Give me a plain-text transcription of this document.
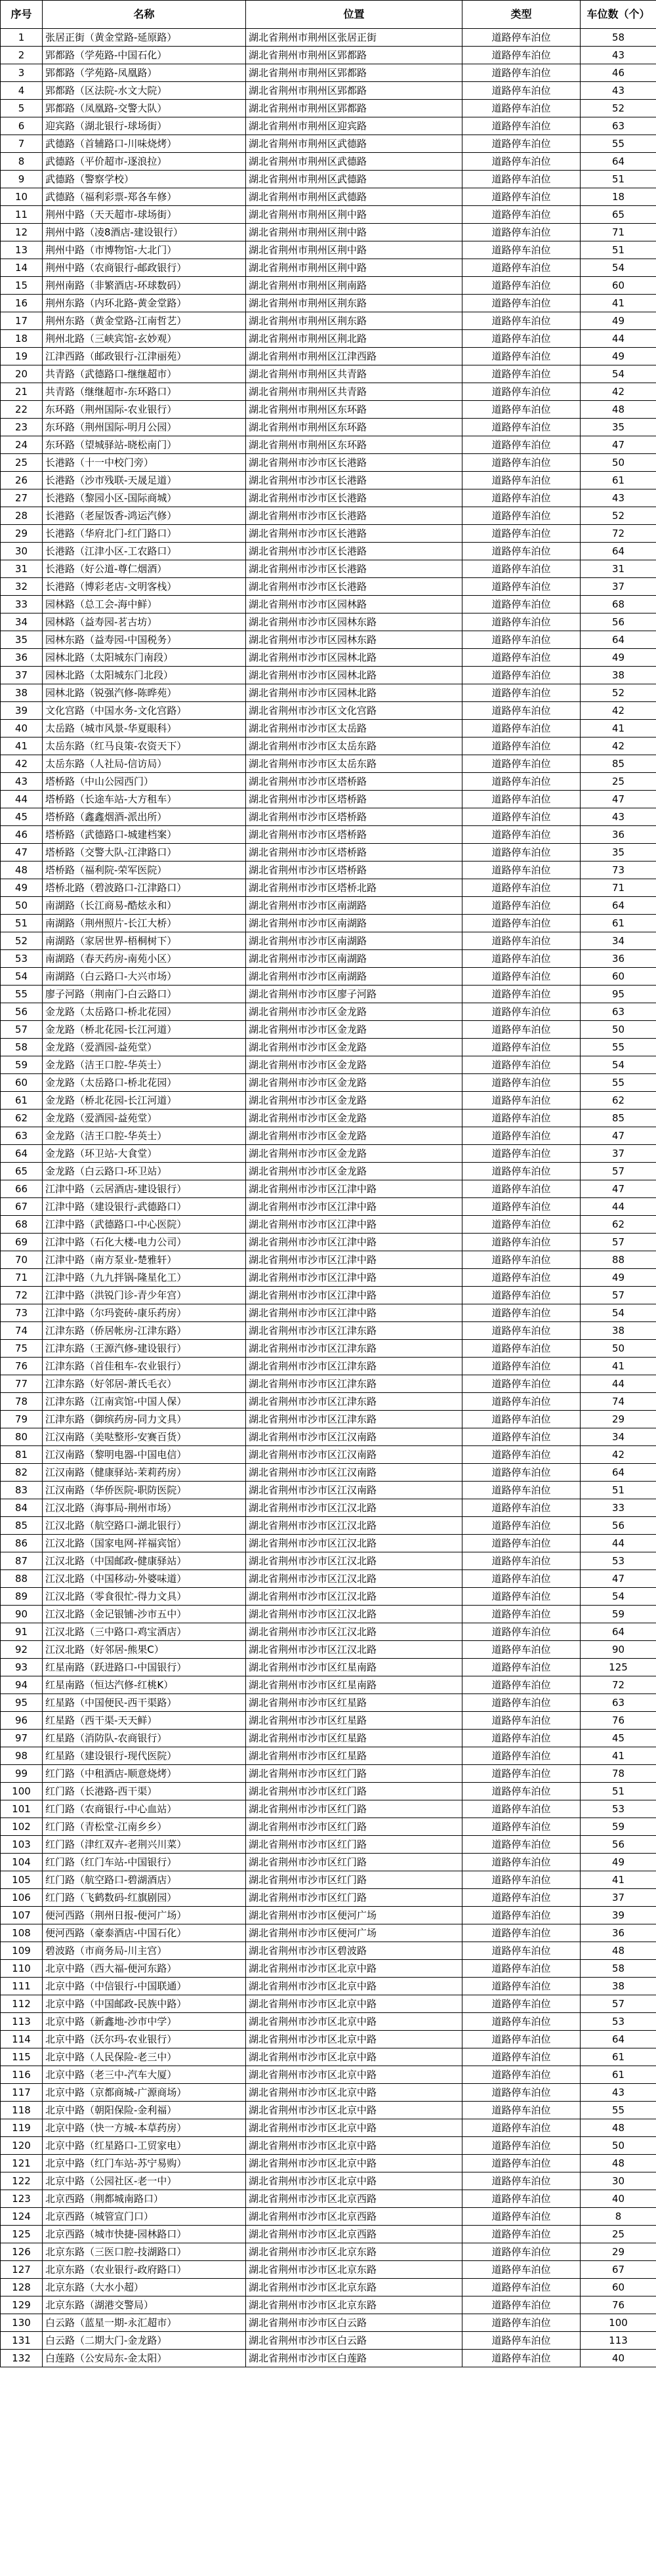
序号	名称	位置	类型	车位数（个）
1	张居正街（黄金堂路-延原路）	湖北省荆州市荆州区张居正街	道路停车泊位	58
2	郢都路（学苑路-中国石化）	湖北省荆州市荆州区郢都路	道路停车泊位	43
3	郢都路（学苑路-凤凰路）	湖北省荆州市荆州区郢都路	道路停车泊位	46
4	郢都路（区法院-水文大院）	湖北省荆州市荆州区郢都路	道路停车泊位	43
5	郢都路（凤凰路-交警大队）	湖北省荆州市荆州区郢都路	道路停车泊位	52
6	迎宾路（湖北银行-球场街）	湖北省荆州市荆州区迎宾路	道路停车泊位	63
7	武德路（首辅路口-川味烧烤）	湖北省荆州市荆州区武德路	道路停车泊位	55
8	武德路（平价超市-逐浪拉）	湖北省荆州市荆州区武德路	道路停车泊位	64
9	武德路（警察学校）	湖北省荆州市荆州区武德路	道路停车泊位	51
10	武德路（福利彩票-郑各车修）	湖北省荆州市荆州区武德路	道路停车泊位	18
11	荆州中路（天天超市-球场街）	湖北省荆州市荆州区荆中路	道路停车泊位	65
12	荆州中路（凌8酒店-建设银行）	湖北省荆州市荆州区荆中路	道路停车泊位	71
13	荆州中路（市博物馆-大北门）	湖北省荆州市荆州区荆中路	道路停车泊位	51
14	荆州中路（农商银行-邮政银行）	湖北省荆州市荆州区荆中路	道路停车泊位	54
15	荆州南路（非繁酒店-环球数码）	湖北省荆州市荆州区荆南路	道路停车泊位	60
16	荆州东路（内环北路-黄金堂路）	湖北省荆州市荆州区荆东路	道路停车泊位	41
17	荆州东路（黄金堂路-江南哲艺）	湖北省荆州市荆州区荆东路	道路停车泊位	49
18	荆州北路（三峡宾馆-玄妙观）	湖北省荆州市荆州区荆北路	道路停车泊位	44
19	江津西路（邮政银行-江津丽苑）	湖北省荆州市荆州区江津西路	道路停车泊位	49
20	共青路（武德路口-继继超市）	湖北省荆州市荆州区共青路	道路停车泊位	54
21	共青路（继继超市-东环路口）	湖北省荆州市荆州区共青路	道路停车泊位	42
22	东环路（荆州国际-农业银行）	湖北省荆州市荆州区东环路	道路停车泊位	48
23	东环路（荆州国际-明月公园）	湖北省荆州市荆州区东环路	道路停车泊位	35
24	东环路（望城驿站-晓松南门）	湖北省荆州市荆州区东环路	道路停车泊位	47
25	长港路（十一中校门旁）	湖北省荆州市沙市区长港路	道路停车泊位	50
26	长港路（沙市残联-天晟足道）	湖北省荆州市沙市区长港路	道路停车泊位	61
27	长港路（黎园小区-国际商城）	湖北省荆州市沙市区长港路	道路停车泊位	43
28	长港路（老屋饭香-鸿运汽修）	湖北省荆州市沙市区长港路	道路停车泊位	52
29	长港路（华府北门-红门路口）	湖北省荆州市沙市区长港路	道路停车泊位	72
30	长港路（江津小区-工农路口）	湖北省荆州市沙市区长港路	道路停车泊位	64
31	长港路（好公道-尊仁烟酒）	湖北省荆州市沙市区长港路	道路停车泊位	31
32	长港路（博彩老店-文明客栈）	湖北省荆州市沙市区长港路	道路停车泊位	37
33	园林路（总工会-海中鲜）	湖北省荆州市沙市区园林路	道路停车泊位	68
34	园林路（益寿园-茗古坊）	湖北省荆州市沙市区园林东路	道路停车泊位	56
35	园林东路（益寿园-中国税务）	湖北省荆州市沙市区园林东路	道路停车泊位	64
36	园林北路（太阳城东门南段）	湖北省荆州市沙市区园林北路	道路停车泊位	49
37	园林北路（太阳城东门北段）	湖北省荆州市沙市区园林北路	道路停车泊位	38
38	园林北路（锐强汽修-陈晔苑）	湖北省荆州市沙市区园林北路	道路停车泊位	52
39	文化宫路（中国水务-文化宫路）	湖北省荆州市沙市区文化宫路	道路停车泊位	42
40	太岳路（城市风景-华夏眼科）	湖北省荆州市沙市区太岳路	道路停车泊位	41
41	太岳东路（红马良策-农资天下）	湖北省荆州市沙市区太岳东路	道路停车泊位	42
42	太岳东路（人社局-信访局）	湖北省荆州市沙市区太岳东路	道路停车泊位	85
43	塔桥路（中山公园西门）	湖北省荆州市沙市区塔桥路	道路停车泊位	25
44	塔桥路（长途车站-大方租车）	湖北省荆州市沙市区塔桥路	道路停车泊位	47
45	塔桥路（鑫鑫烟酒-派出所）	湖北省荆州市沙市区塔桥路	道路停车泊位	43
46	塔桥路（武德路口-城建档案）	湖北省荆州市沙市区塔桥路	道路停车泊位	36
47	塔桥路（交警大队-江津路口）	湖北省荆州市沙市区塔桥路	道路停车泊位	35
48	塔桥路（福利院-荣军医院）	湖北省荆州市沙市区塔桥路	道路停车泊位	73
49	塔桥北路（碧波路口-江津路口）	湖北省荆州市沙市区塔桥北路	道路停车泊位	71
50	南湖路（长江商易-酷炫永和）	湖北省荆州市沙市区南湖路	道路停车泊位	64
51	南湖路（荆州照片-长江大桥）	湖北省荆州市沙市区南湖路	道路停车泊位	61
52	南湖路（家居世界-梧桐树下）	湖北省荆州市沙市区南湖路	道路停车泊位	34
53	南湖路（春天药房-南苑小区）	湖北省荆州市沙市区南湖路	道路停车泊位	36
54	南湖路（白云路口-大兴市场）	湖北省荆州市沙市区南湖路	道路停车泊位	60
55	廖子河路（荆南门-白云路口）	湖北省荆州市沙市区廖子河路	道路停车泊位	95
56	金龙路（太岳路口-桥北花园）	湖北省荆州市沙市区金龙路	道路停车泊位	63
57	金龙路（桥北花园-长江河道）	湖北省荆州市沙市区金龙路	道路停车泊位	50
58	金龙路（爱酒园-益苑堂）	湖北省荆州市沙市区金龙路	道路停车泊位	55
59	金龙路（洁王口腔-华英士）	湖北省荆州市沙市区金龙路	道路停车泊位	54
60	金龙路（太岳路口-桥北花园）	湖北省荆州市沙市区金龙路	道路停车泊位	55
61	金龙路（桥北花园-长江河道）	湖北省荆州市沙市区金龙路	道路停车泊位	62
62	金龙路（爱酒园-益苑堂）	湖北省荆州市沙市区金龙路	道路停车泊位	85
63	金龙路（洁王口腔-华英士）	湖北省荆州市沙市区金龙路	道路停车泊位	47
64	金龙路（环卫站-大食堂）	湖北省荆州市沙市区金龙路	道路停车泊位	37
65	金龙路（白云路口-环卫站）	湖北省荆州市沙市区金龙路	道路停车泊位	57
66	江津中路（云居酒店-建设银行）	湖北省荆州市沙市区江津中路	道路停车泊位	47
67	江津中路（建设银行-武德路口）	湖北省荆州市沙市区江津中路	道路停车泊位	44
68	江津中路（武德路口-中心医院）	湖北省荆州市沙市区江津中路	道路停车泊位	62
69	江津中路（石化大楼-电力公司）	湖北省荆州市沙市区江津中路	道路停车泊位	57
70	江津中路（南方泵业-楚雅轩）	湖北省荆州市沙市区江津中路	道路停车泊位	88
71	江津中路（九九拌锅-隆星化工）	湖北省荆州市沙市区江津中路	道路停车泊位	49
72	江津中路（洪锐门诊-青少年宫）	湖北省荆州市沙市区江津中路	道路停车泊位	57
73	江津中路（尔玛瓷砖-康乐药房）	湖北省荆州市沙市区江津中路	道路停车泊位	54
74	江津东路（侨居帐房-江津东路）	湖北省荆州市沙市区江津东路	道路停车泊位	38
75	江津东路（王源汽修-建设银行）	湖北省荆州市沙市区江津东路	道路停车泊位	50
76	江津东路（首佳租车-农业银行）	湖北省荆州市沙市区江津东路	道路停车泊位	41
77	江津东路（好邻居-萧氏毛衣）	湖北省荆州市沙市区江津东路	道路停车泊位	44
78	江津东路（江南宾馆-中国人保）	湖北省荆州市沙市区江津东路	道路停车泊位	74
79	江津东路（御缤药房-同力文具）	湖北省荆州市沙市区江津东路	道路停车泊位	29
80	江汉南路（美哒整形-安赛百货）	湖北省荆州市沙市区江汉南路	道路停车泊位	34
81	江汉南路（黎明电器-中国电信）	湖北省荆州市沙市区江汉南路	道路停车泊位	42
82	江汉南路（健康驿站-茉莉药房）	湖北省荆州市沙市区江汉南路	道路停车泊位	64
83	江汉南路（华侨医院-职防医院）	湖北省荆州市沙市区江汉南路	道路停车泊位	51
84	江汉北路（海事局-荆州市场）	湖北省荆州市沙市区江汉北路	道路停车泊位	33
85	江汉北路（航空路口-湖北银行）	湖北省荆州市沙市区江汉北路	道路停车泊位	56
86	江汉北路（国家电网-祥福宾馆）	湖北省荆州市沙市区江汉北路	道路停车泊位	44
87	江汉北路（中国邮政-健康驿站）	湖北省荆州市沙市区江汉北路	道路停车泊位	53
88	江汉北路（中国移动-外婆味道）	湖北省荆州市沙市区江汉北路	道路停车泊位	47
89	江汉北路（零食很忙-得力文具）	湖北省荆州市沙市区江汉北路	道路停车泊位	54
90	江汉北路（金记银铺-沙市五中）	湖北省荆州市沙市区江汉北路	道路停车泊位	59
91	江汉北路（三中路口-鸡宝酒店）	湖北省荆州市沙市区江汉北路	道路停车泊位	64
92	江汉北路（好邻居-熊果C）	湖北省荆州市沙市区江汉北路	道路停车泊位	90
93	红星南路（跃进路口-中国银行）	湖北省荆州市沙市区红星南路	道路停车泊位	125
94	红星南路（恒达汽修-红桃K）	湖北省荆州市沙市区红星南路	道路停车泊位	72
95	红星路（中国便民-西干渠路）	湖北省荆州市沙市区红星路	道路停车泊位	63
96	红星路（西干渠-天天鲜）	湖北省荆州市沙市区红星路	道路停车泊位	76
97	红星路（消防队-农商银行）	湖北省荆州市沙市区红星路	道路停车泊位	45
98	红星路（建设银行-现代医院）	湖北省荆州市沙市区红星路	道路停车泊位	41
99	红门路（中租酒店-顺意烧烤）	湖北省荆州市沙市区红门路	道路停车泊位	78
100	红门路（长港路-西干渠）	湖北省荆州市沙市区红门路	道路停车泊位	51
101	红门路（农商银行-中心血站）	湖北省荆州市沙市区红门路	道路停车泊位	53
102	红门路（青松堂-江南乡乡）	湖北省荆州市沙市区红门路	道路停车泊位	59
103	红门路（津红双卉-老荆兴川菜）	湖北省荆州市沙市区红门路	道路停车泊位	56
104	红门路（红门车站-中国银行）	湖北省荆州市沙市区红门路	道路停车泊位	49
105	红门路（航空路口-碧湖酒店）	湖北省荆州市沙市区红门路	道路停车泊位	41
106	红门路（飞鹤数码-红旗剧园）	湖北省荆州市沙市区红门路	道路停车泊位	37
107	便河西路（荆州日报-便河广场）	湖北省荆州市沙市区便河广场	道路停车泊位	39
108	便河西路（豪泰酒店-中国石化）	湖北省荆州市沙市区便河广场	道路停车泊位	36
109	碧波路（市商务局-川主宫）	湖北省荆州市沙市区碧波路	道路停车泊位	48
110	北京中路（西大福-便河东路）	湖北省荆州市沙市区北京中路	道路停车泊位	58
111	北京中路（中信银行-中国联通）	湖北省荆州市沙市区北京中路	道路停车泊位	38
112	北京中路（中国邮政-民族中路）	湖北省荆州市沙市区北京中路	道路停车泊位	57
113	北京中路（新鑫地-沙市中学）	湖北省荆州市沙市区北京中路	道路停车泊位	53
114	北京中路（沃尔玛-农业银行）	湖北省荆州市沙市区北京中路	道路停车泊位	64
115	北京中路（人民保险-老三中）	湖北省荆州市沙市区北京中路	道路停车泊位	61
116	北京中路（老三中-汽车大厦）	湖北省荆州市沙市区北京中路	道路停车泊位	61
117	北京中路（京都商城-广源商场）	湖北省荆州市沙市区北京中路	道路停车泊位	43
118	北京中路（朝阳保险-金利福）	湖北省荆州市沙市区北京中路	道路停车泊位	55
119	北京中路（快一方城-本草药房）	湖北省荆州市沙市区北京中路	道路停车泊位	48
120	北京中路（红星路口-工贸家电）	湖北省荆州市沙市区北京中路	道路停车泊位	50
121	北京中路（红门车站-苏宁易购）	湖北省荆州市沙市区北京中路	道路停车泊位	48
122	北京中路（公园社区-老一中）	湖北省荆州市沙市区北京中路	道路停车泊位	30
123	北京西路（荆都城南路口）	湖北省荆州市沙市区北京西路	道路停车泊位	40
124	北京西路（城管宣门口）	湖北省荆州市沙市区北京西路	道路停车泊位	8
125	北京西路（城市快捷-园林路口）	湖北省荆州市沙市区北京西路	道路停车泊位	25
126	北京东路（三医口腔-技湖路口）	湖北省荆州市沙市区北京东路	道路停车泊位	29
127	北京东路（农业银行-政府路口）	湖北省荆州市沙市区北京东路	道路停车泊位	67
128	北京东路（大水小超）	湖北省荆州市沙市区北京东路	道路停车泊位	60
129	北京东路（湖港交警局）	湖北省荆州市沙市区北京东路	道路停车泊位	76
130	白云路（蓝星一期-永汇超市）	湖北省荆州市沙市区白云路	道路停车泊位	100
131	白云路（二期大门-金龙路）	湖北省荆州市沙市区白云路	道路停车泊位	113
132	白莲路（公安局东-金太阳）	湖北省荆州市沙市区白莲路	道路停车泊位	40
